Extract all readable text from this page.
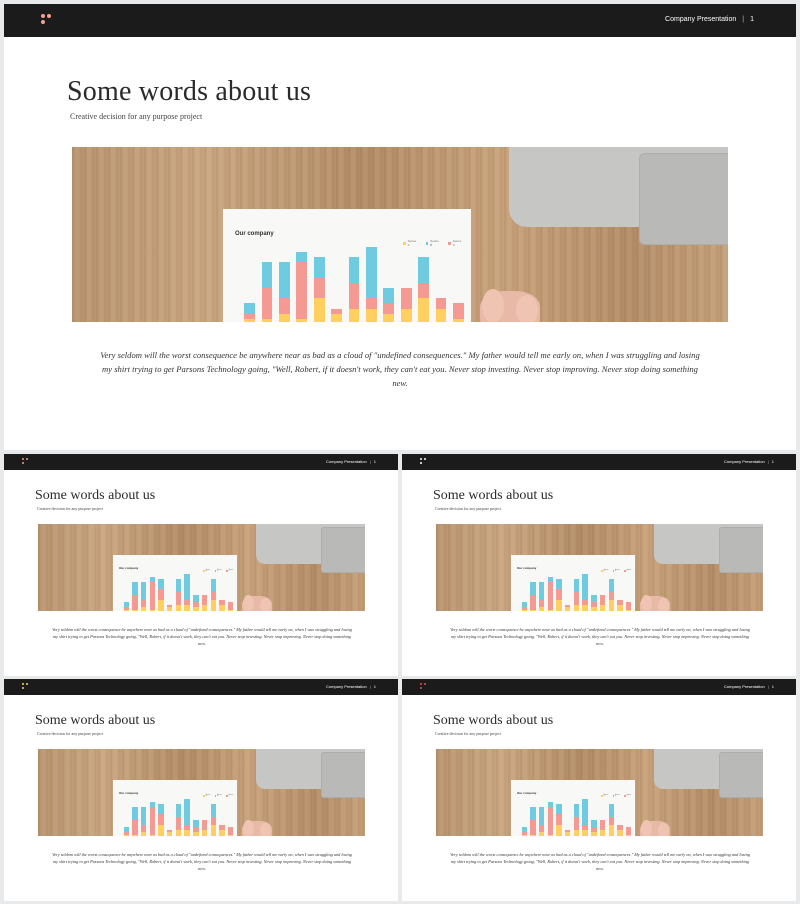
Company Presentation | 1
Some words about us
Creative decision for any purpose project
Our company
Series A
Series B
Series C
Very seldom will the worst consequence be anywhere near as bad as a cloud of "undefined consequences." My father would tell me early on, when I was struggling and losing my shirt trying to get Parsons Technology going, "Well, Robert, if it doesn't work, they can't eat you. Never stop investing. Never stop improving. Never stop doing something new.
Company Presentation | 1
Some words about us
Creative decision for any purpose project
Our company
Series A
Series B
Series C
Very seldom will the worst consequence be anywhere near as bad as a cloud of "undefined consequences." My father would tell me early on, when I was struggling and losing my shirt trying to get Parsons Technology going, "Well, Robert, if it doesn't work, they can't eat you. Never stop investing. Never stop improving. Never stop doing something new.
Company Presentation | 1
Some words about us
Creative decision for any purpose project
Our company
Series A
Series B
Series C
Very seldom will the worst consequence be anywhere near as bad as a cloud of "undefined consequences." My father would tell me early on, when I was struggling and losing my shirt trying to get Parsons Technology going, "Well, Robert, if it doesn't work, they can't eat you. Never stop investing. Never stop improving. Never stop doing something new.
Company Presentation | 1
Some words about us
Creative decision for any purpose project
Our company
Series A
Series B
Series C
Very seldom will the worst consequence be anywhere near as bad as a cloud of "undefined consequences." My father would tell me early on, when I was struggling and losing my shirt trying to get Parsons Technology going, "Well, Robert, if it doesn't work, they can't eat you. Never stop investing. Never stop improving. Never stop doing something new.
Company Presentation | 1
Some words about us
Creative decision for any purpose project
Our company
Series A
Series B
Series C
Very seldom will the worst consequence be anywhere near as bad as a cloud of "undefined consequences." My father would tell me early on, when I was struggling and losing my shirt trying to get Parsons Technology going, "Well, Robert, if it doesn't work, they can't eat you. Never stop investing. Never stop improving. Never stop doing something new.
